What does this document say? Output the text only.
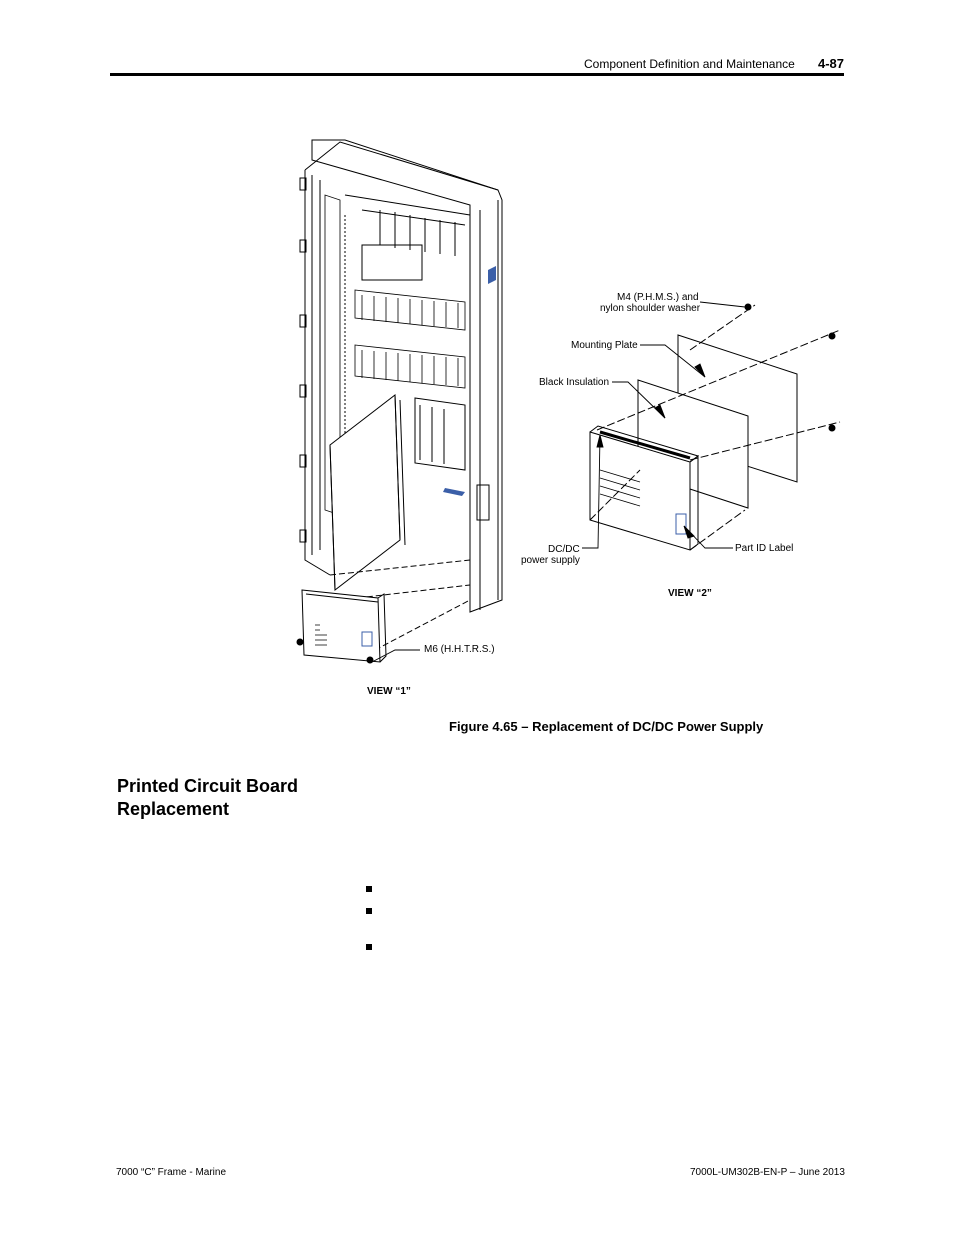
Component Definition and Maintenance 4-87
M4 (P.H.M.S.) and
nylon shoulder washer
Mounting Plate
Black Insulation
DC/DC
power supply
Part ID Label
M6 (H.H.T.R.S.)
VIEW “1”
VIEW “2”
Figure 4.65 – Replacement of DC/DC Power Supply
Printed Circuit Board
Replacement
7000 “C” Frame - Marine	7000L-UM302B-EN-P – June 2013
